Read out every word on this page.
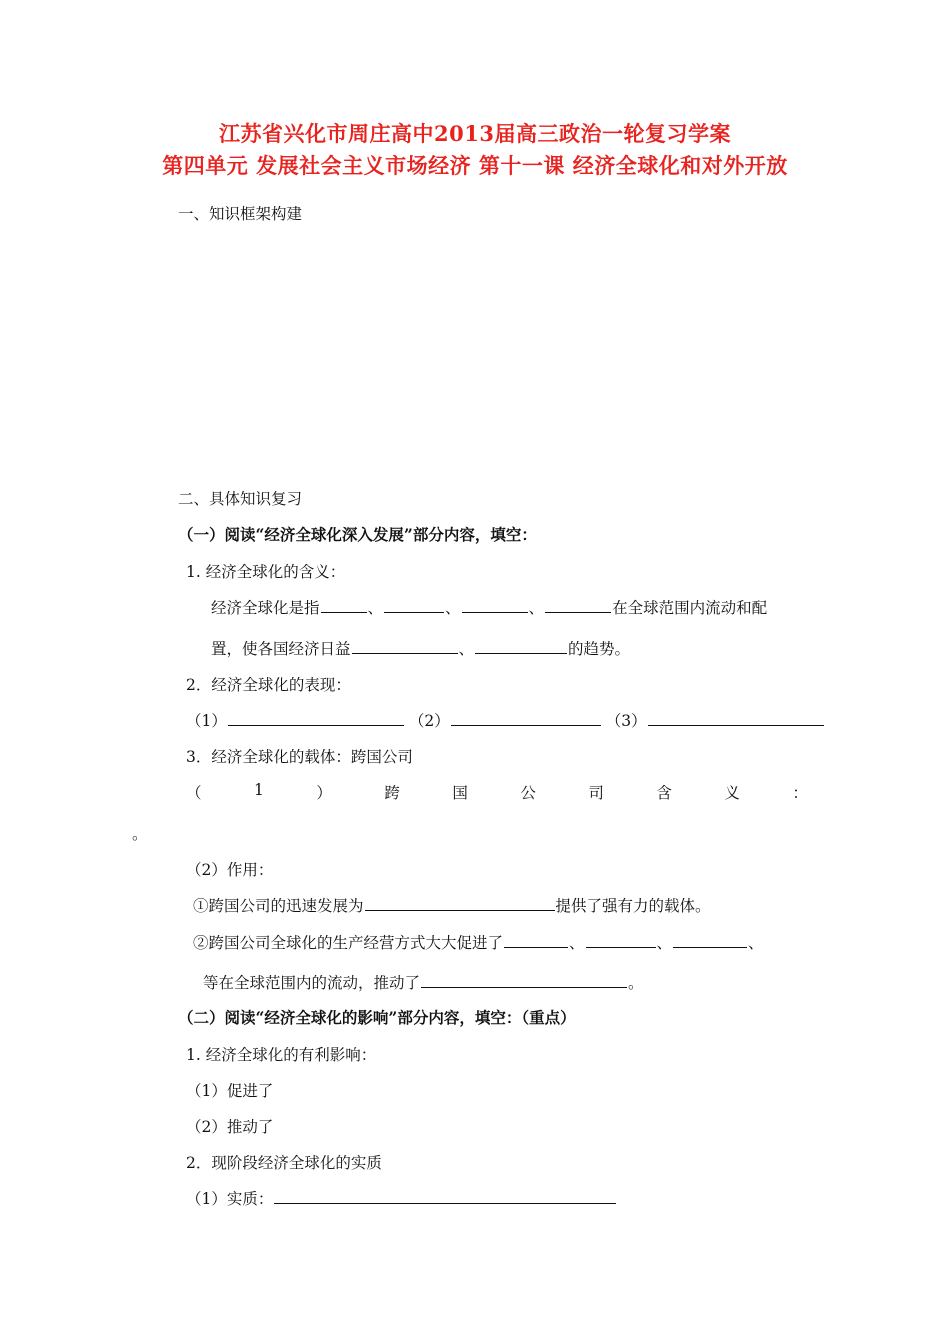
江苏省兴化市周庄高中2013届高三政治一轮复习学案
第四单元 发展社会主义市场经济 第十一课 经济全球化和对外开放
一、知识框架构建
二、具体知识复习
（一）阅读“经济全球化深入发展”部分内容，填空：
1. 经济全球化的含义：
经济全球化是指	、	、	、	在全球范围内流动和配
置，使各国经济日益	、	的趋势。
2．经济全球化的表现：
（1）	（2）	（3）
3．经济全球化的载体：跨国公司
（	1	）	跨	国	公	司	含	义	：
。
（2）作用：
①跨国公司的迅速发展为	提供了强有力的载体。
②跨国公司全球化的生产经营方式大大促进了	、	、	、
等在全球范围内的流动，推动了	。
（二）阅读“经济全球化的影响”部分内容，填空：（重点）
1. 经济全球化的有利影响：
（1）促进了
（2）推动了
2．现阶段经济全球化的实质
（1）实质：
